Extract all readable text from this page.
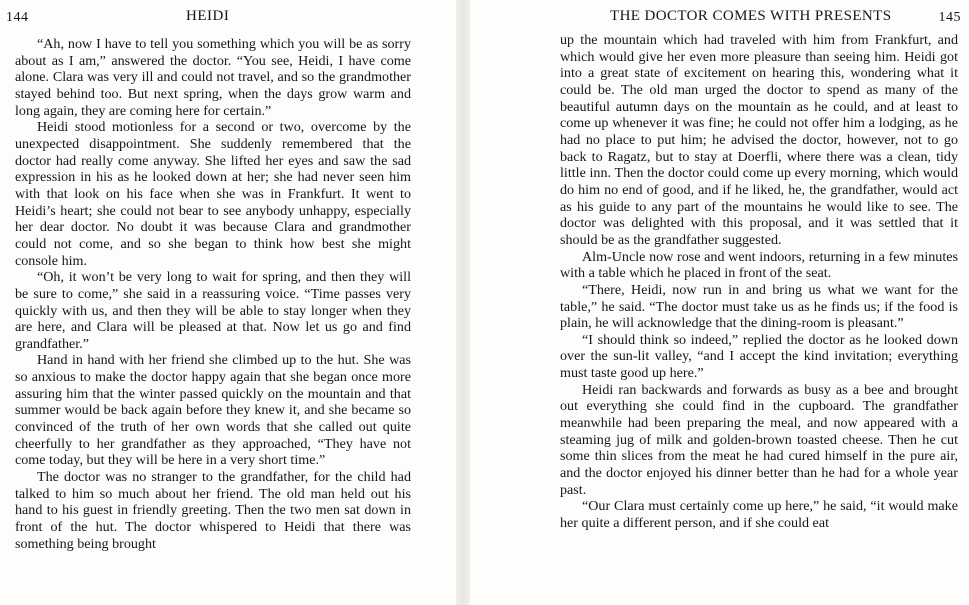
144	HEIDI

“Ah, now I have to tell you something which you will be as sorry about as I am,” answered the doctor. “You see, Heidi, I have come alone. Clara was very ill and could not travel, and so the grandmother stayed behind too. But next spring, when the days grow warm and long again, they are coming here for certain.”

Heidi stood motionless for a second or two, overcome by the unexpected disappointment. She suddenly remembered that the doctor had really come anyway. She lifted her eyes and saw the sad expression in his as he looked down at her; she had never seen him with that look on his face when she was in Frankfurt. It went to Heidi’s heart; she could not bear to see anybody unhappy, especially her dear doctor. No doubt it was because Clara and grandmother could not come, and so she began to think how best she might console him.

“Oh, it won’t be very long to wait for spring, and then they will be sure to come,” she said in a reassuring voice. “Time passes very quickly with us, and then they will be able to stay longer when they are here, and Clara will be pleased at that. Now let us go and find grandfather.”

Hand in hand with her friend she climbed up to the hut. She was so anxious to make the doctor happy again that she began once more assuring him that the winter passed quickly on the mountain and that summer would be back again before they knew it, and she became so convinced of the truth of her own words that she called out quite cheerfully to her grandfather as they approached, “They have not come today, but they will be here in a very short time.”

The doctor was no stranger to the grandfather, for the child had talked to him so much about her friend. The old man held out his hand to his guest in friendly greeting. Then the two men sat down in front of the hut. The doctor whispered to Heidi that there was something being brought

THE DOCTOR COMES WITH PRESENTS	145

up the mountain which had traveled with him from Frankfurt, and which would give her even more pleasure than seeing him. Heidi got into a great state of excitement on hearing this, wondering what it could be. The old man urged the doctor to spend as many of the beautiful autumn days on the mountain as he could, and at least to come up whenever it was fine; he could not offer him a lodging, as he had no place to put him; he advised the doctor, however, not to go back to Ragatz, but to stay at Doerfli, where there was a clean, tidy little inn. Then the doctor could come up every morning, which would do him no end of good, and if he liked, he, the grandfather, would act as his guide to any part of the mountains he would like to see. The doctor was delighted with this proposal, and it was settled that it should be as the grandfather suggested.

Alm-Uncle now rose and went indoors, returning in a few minutes with a table which he placed in front of the seat.

“There, Heidi, now run in and bring us what we want for the table,” he said. “The doctor must take us as he finds us; if the food is plain, he will acknowledge that the dining-room is pleasant.”

“I should think so indeed,” replied the doctor as he looked down over the sun-lit valley, “and I accept the kind invitation; everything must taste good up here.”

Heidi ran backwards and forwards as busy as a bee and brought out everything she could find in the cupboard. The grandfather meanwhile had been preparing the meal, and now appeared with a steaming jug of milk and golden-brown toasted cheese. Then he cut some thin slices from the meat he had cured himself in the pure air, and the doctor enjoyed his dinner better than he had for a whole year past.

“Our Clara must certainly come up here,” he said, “it would make her quite a different person, and if she could eat
